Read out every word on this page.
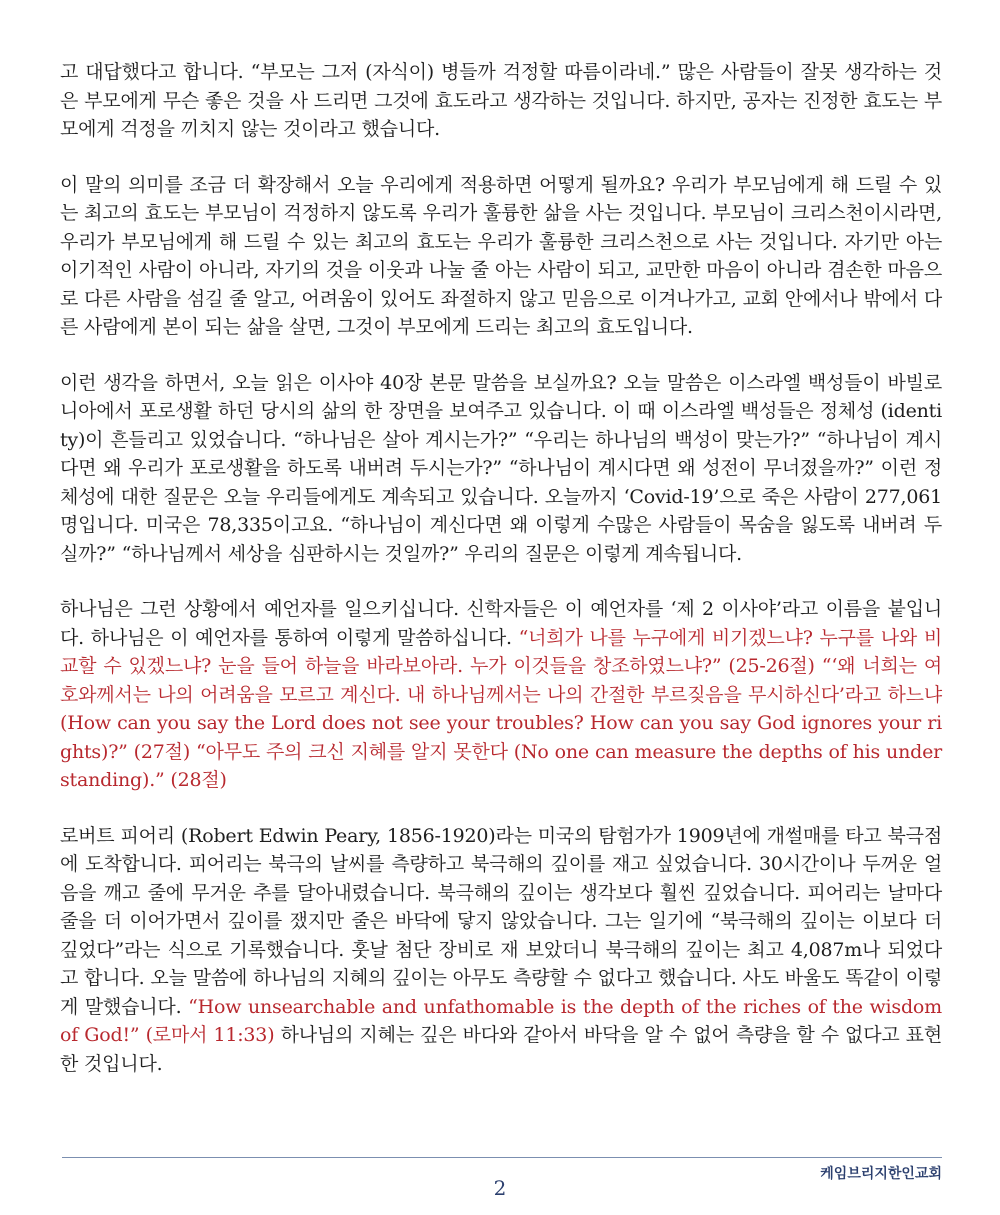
고 대답했다고 합니다. “부모는 그저 (자식이) 병들까 걱정할 따름이라네.” 많은 사람들이 잘못 생각하는 것은 부모에게 무슨 좋은 것을 사 드리면 그것에 효도라고 생각하는 것입니다. 하지만, 공자는 진정한 효도는 부모에게 걱정을 끼치지 않는 것이라고 했습니다.

이 말의 의미를 조금 더 확장해서 오늘 우리에게 적용하면 어떻게 될까요? 우리가 부모님에게 해 드릴 수 있는 최고의 효도는 부모님이 걱정하지 않도록 우리가 훌륭한 삶을 사는 것입니다. 부모님이 크리스천이시라면, 우리가 부모님에게 해 드릴 수 있는 최고의 효도는 우리가 훌륭한 크리스천으로 사는 것입니다. 자기만 아는 이기적인 사람이 아니라, 자기의 것을 이웃과 나눌 줄 아는 사람이 되고, 교만한 마음이 아니라 겸손한 마음으로 다른 사람을 섬길 줄 알고, 어려움이 있어도 좌절하지 않고 믿음으로 이겨나가고, 교회 안에서나 밖에서 다른 사람에게 본이 되는 삶을 살면, 그것이 부모에게 드리는 최고의 효도입니다.

이런 생각을 하면서, 오늘 읽은 이사야 40장 본문 말씀을 보실까요? 오늘 말씀은 이스라엘 백성들이 바빌로니아에서 포로생활 하던 당시의 삶의 한 장면을 보여주고 있습니다. 이 때 이스라엘 백성들은 정체성 (identity)이 흔들리고 있었습니다. “하나님은 살아 계시는가?” “우리는 하나님의 백성이 맞는가?” “하나님이 계시다면 왜 우리가 포로생활을 하도록 내버려 두시는가?” “하나님이 계시다면 왜 성전이 무너졌을까?” 이런 정체성에 대한 질문은 오늘 우리들에게도 계속되고 있습니다. 오늘까지 ‘Covid-19’으로 죽은 사람이 277,061명입니다. 미국은 78,335이고요. “하나님이 계신다면 왜 이렇게 수많은 사람들이 목숨을 잃도록 내버려 두실까?” “하나님께서 세상을 심판하시는 것일까?” 우리의 질문은 이렇게 계속됩니다.

하나님은 그런 상황에서 예언자를 일으키십니다. 신학자들은 이 예언자를 ‘제 2 이사야’라고 이름을 붙입니다. 하나님은 이 예언자를 통하여 이렇게 말씀하십니다. “너희가 나를 누구에게 비기겠느냐? 누구를 나와 비교할 수 있겠느냐? 눈을 들어 하늘을 바라보아라. 누가 이것들을 창조하였느냐?” (25-26절) “‘왜 너희는 여호와께서는 나의 어려움을 모르고 계신다. 내 하나님께서는 나의 간절한 부르짖음을 무시하신다’라고 하느냐 (How can you say the Lord does not see your troubles? How can you say God ignores your rights)?” (27절) “아무도 주의 크신 지혜를 알지 못한다 (No one can measure the depths of his understanding).” (28절)

로버트 피어리 (Robert Edwin Peary, 1856-1920)라는 미국의 탐험가가 1909년에 개썰매를 타고 북극점에 도착합니다. 피어리는 북극의 날씨를 측량하고 북극해의 깊이를 재고 싶었습니다. 30시간이나 두꺼운 얼음을 깨고 줄에 무거운 추를 달아내렸습니다. 북극해의 깊이는 생각보다 훨씬 깊었습니다. 피어리는 날마다 줄을 더 이어가면서 깊이를 쟀지만 줄은 바닥에 닿지 않았습니다. 그는 일기에 “북극해의 깊이는 이보다 더 깊었다”라는 식으로 기록했습니다. 훗날 첨단 장비로 재 보았더니 북극해의 깊이는 최고 4,087m나 되었다고 합니다. 오늘 말씀에 하나님의 지혜의 깊이는 아무도 측량할 수 없다고 했습니다. 사도 바울도 똑같이 이렇게 말했습니다. “How unsearchable and unfathomable is the depth of the riches of the wisdom of God!” (로마서 11:33) 하나님의 지혜는 깊은 바다와 같아서 바닥을 알 수 없어 측량을 할 수 없다고 표현한 것입니다.

케임브리지한인교회
2
